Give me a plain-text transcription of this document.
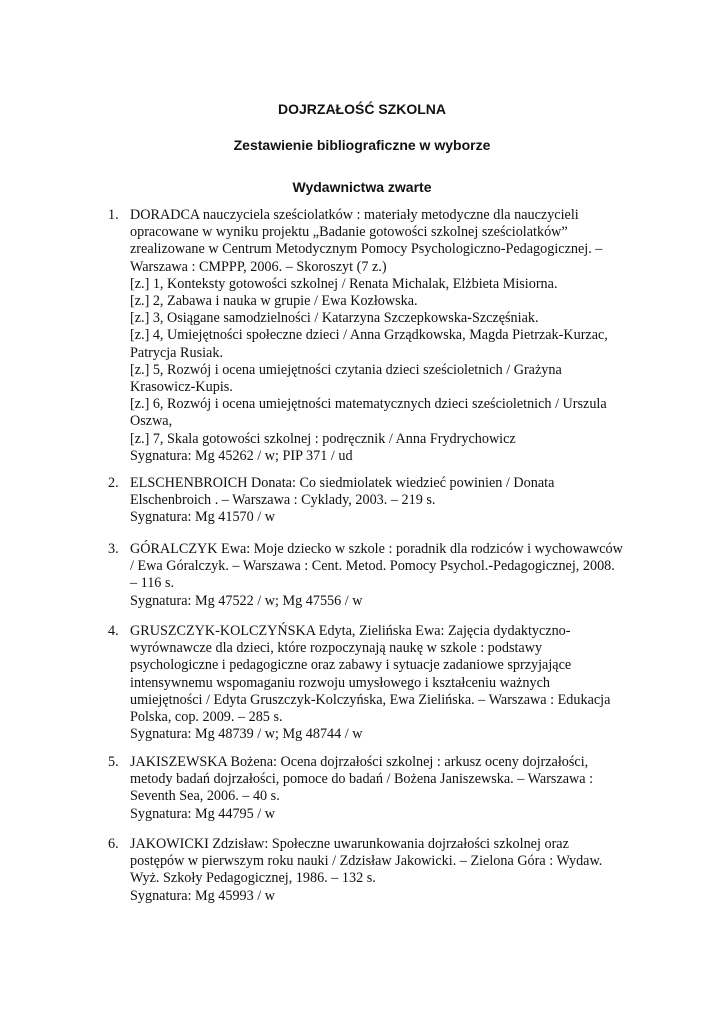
DOJRZAŁOŚĆ SZKOLNA
Zestawienie bibliograficzne w wyborze
Wydawnictwa zwarte
1. DORADCA nauczyciela sześciolatków : materiały metodyczne dla nauczycieli
opracowane w wyniku projektu „Badanie gotowości szkolnej sześciolatków”
zrealizowane w Centrum Metodycznym Pomocy Psychologiczno-Pedagogicznej. –
Warszawa : CMPPP, 2006. – Skoroszyt (7 z.)
[z.] 1, Konteksty gotowości szkolnej / Renata Michalak, Elżbieta Misiorna.
[z.] 2, Zabawa i nauka w grupie / Ewa Kozłowska.
[z.] 3, Osiągane samodzielności / Katarzyna Szczepkowska-Szczęśniak.
[z.] 4, Umiejętności społeczne dzieci / Anna Grządkowska, Magda Pietrzak-Kurzac,
Patrycja Rusiak.
[z.] 5, Rozwój i ocena umiejętności czytania dzieci sześcioletnich / Grażyna
Krasowicz-Kupis.
[z.] 6, Rozwój i ocena umiejętności matematycznych dzieci sześcioletnich / Urszula
Oszwa,
[z.] 7, Skala gotowości szkolnej : podręcznik / Anna Frydrychowicz
Sygnatura: Mg 45262 / w; PIP 371 / ud
2. ELSCHENBROICH Donata: Co siedmiolatek wiedzieć powinien / Donata
Elschenbroich . – Warszawa : Cyklady, 2003. – 219 s.
Sygnatura: Mg 41570 / w
3. GÓRALCZYK Ewa: Moje dziecko w szkole : poradnik dla rodziców i wychowawców
/ Ewa Góralczyk. – Warszawa : Cent. Metod. Pomocy Psychol.-Pedagogicznej, 2008.
– 116 s.
Sygnatura: Mg 47522 / w; Mg 47556 / w
4. GRUSZCZYK-KOLCZYŃSKA Edyta, Zielińska Ewa: Zajęcia dydaktyczno-
wyrównawcze dla dzieci, które rozpoczynają naukę w szkole : podstawy
psychologiczne i pedagogiczne oraz zabawy i sytuacje zadaniowe sprzyjające
intensywnemu wspomaganiu rozwoju umysłowego i kształceniu ważnych
umiejętności / Edyta Gruszczyk-Kolczyńska, Ewa Zielińska. – Warszawa : Edukacja
Polska, cop. 2009. – 285 s.
Sygnatura: Mg 48739 / w; Mg 48744 / w
5. JAKISZEWSKA Bożena: Ocena dojrzałości szkolnej : arkusz oceny dojrzałości,
metody badań dojrzałości, pomoce do badań / Bożena Janiszewska. – Warszawa :
Seventh Sea, 2006. – 40 s.
Sygnatura: Mg 44795 / w
6. JAKOWICKI Zdzisław: Społeczne uwarunkowania dojrzałości szkolnej oraz
postępów w pierwszym roku nauki / Zdzisław Jakowicki. – Zielona Góra : Wydaw.
Wyż. Szkoły Pedagogicznej, 1986. – 132 s.
Sygnatura: Mg 45993 / w
